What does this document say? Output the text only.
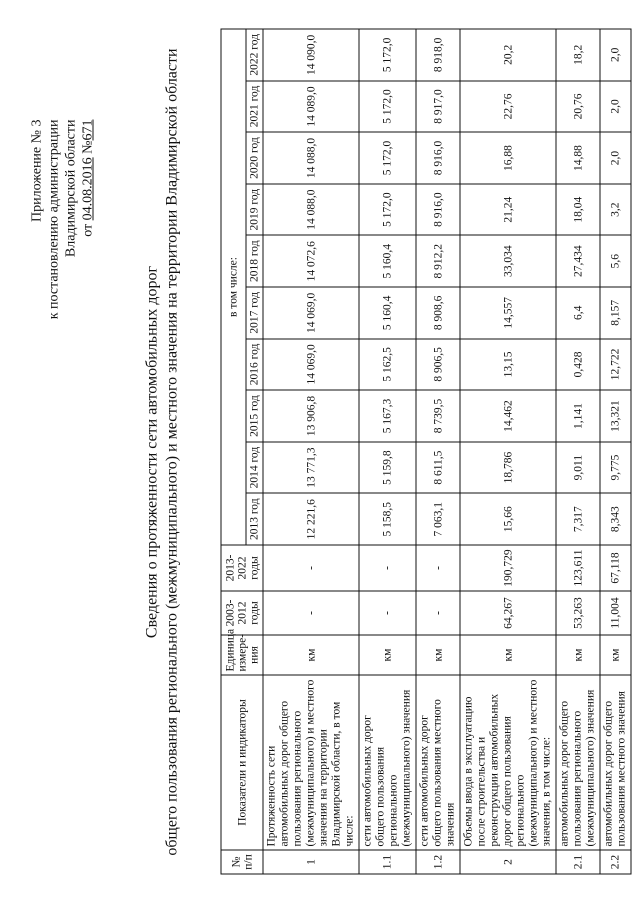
Приложение № 3 к постановлению администрации Владимирской области от 04.08.2016 №671
Сведения о протяженности сети автомобильных дорог общего пользования регионального (межмуниципального) и местного значения на территории Владимирской области
№ п/п	Показатели и индикаторы	Единица измере-ния	2003-2012 годы	2013-2022 годы	в том числе:									
					2013 год	2014 год	2015 год	2016 год	2017 год	2018 год	2019 год	2020 год	2021 год	2022 год
1	Протяженность сети автомобильных дорог общего пользования регионального (межмуниципального) и местного значения на территории Владимирской области, в том числе:	км	-	-	12 221,6	13 771,3	13 906,8	14 069,0	14 069,0	14 072,6	14 088,0	14 088,0	14 089,0	14 090,0
1.1	сети автомобильных дорог общего пользования регионального (межмуниципального) значения	км	-	-	5 158,5	5 159,8	5 167,3	5 162,5	5 160,4	5 160,4	5 172,0	5 172,0	5 172,0	5 172,0
1.2	сети автомобильных дорог общего пользования местного значения	км	-	-	7 063,1	8 611,5	8 739,5	8 906,5	8 908,6	8 912,2	8 916,0	8 916,0	8 917,0	8 918,0
2	Объемы ввода в эксплуатацию после строительства и реконструкции автомобильных дорог общего пользования регионального (межмуниципального) и местного значения, в том числе:	км	64,267	190,729	15,66	18,786	14,462	13,15	14,557	33,034	21,24	16,88	22,76	20,2
2.1	автомобильных дорог общего пользования регионального (межмуниципального) значения	км	53,263	123,611	7,317	9,011	1,141	0,428	6,4	27,434	18,04	14,88	20,76	18,2
2.2	автомобильных дорог общего пользования местного значения	км	11,004	67,118	8,343	9,775	13,321	12,722	8,157	5,6	3,2	2,0	2,0	2,0
